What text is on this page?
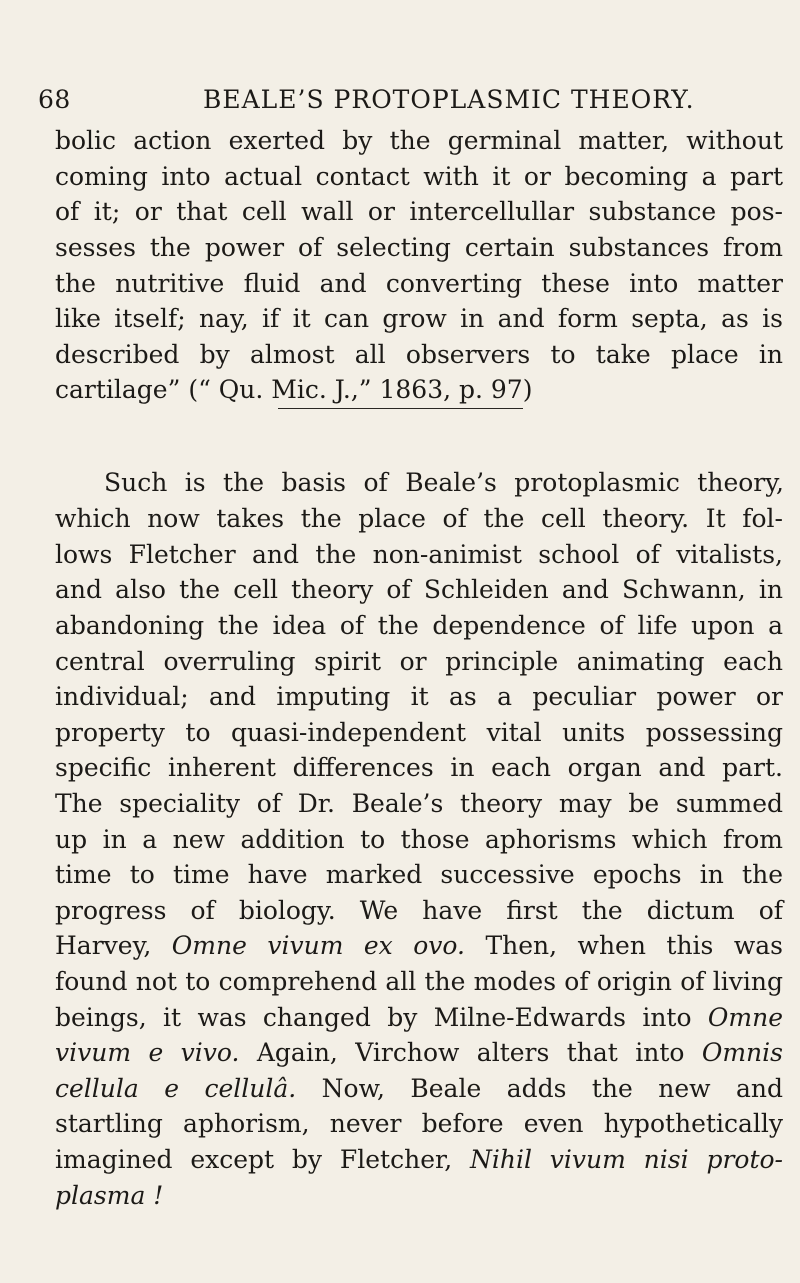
68	BEALE’S PROTOPLASMIC THEORY.
bolic action exerted by the germinal matter, without
coming into actual contact with it or becoming a part
of it; or that cell wall or intercellullar substance pos-
sesses the power of selecting certain substances from
the nutritive fluid and converting these into matter
like itself; nay, if it can grow in and form septa, as is
described by almost all observers to take place in
cartilage” (“ Qu. Mic. J.,” 1863, p. 97)
Such is the basis of Beale’s protoplasmic theory,
which now takes the place of the cell theory. It fol-
lows Fletcher and the non-animist school of vitalists,
and also the cell theory of Schleiden and Schwann, in
abandoning the idea of the dependence of life upon a
central overruling spirit or principle animating each
individual; and imputing it as a peculiar power or
property to quasi-independent vital units possessing
specific inherent differences in each organ and part.
The speciality of Dr. Beale’s theory may be summed
up in a new addition to those aphorisms which from
time to time have marked successive epochs in the
progress of biology. We have first the dictum of
Harvey, Omne vivum ex ovo. Then, when this was
found not to comprehend all the modes of origin of living
beings, it was changed by Milne-Edwards into Omne
vivum e vivo. Again, Virchow alters that into Omnis
cellula e cellulâ. Now, Beale adds the new and
startling aphorism, never before even hypothetically
imagined except by Fletcher, Nihil vivum nisi proto-
plasma !
